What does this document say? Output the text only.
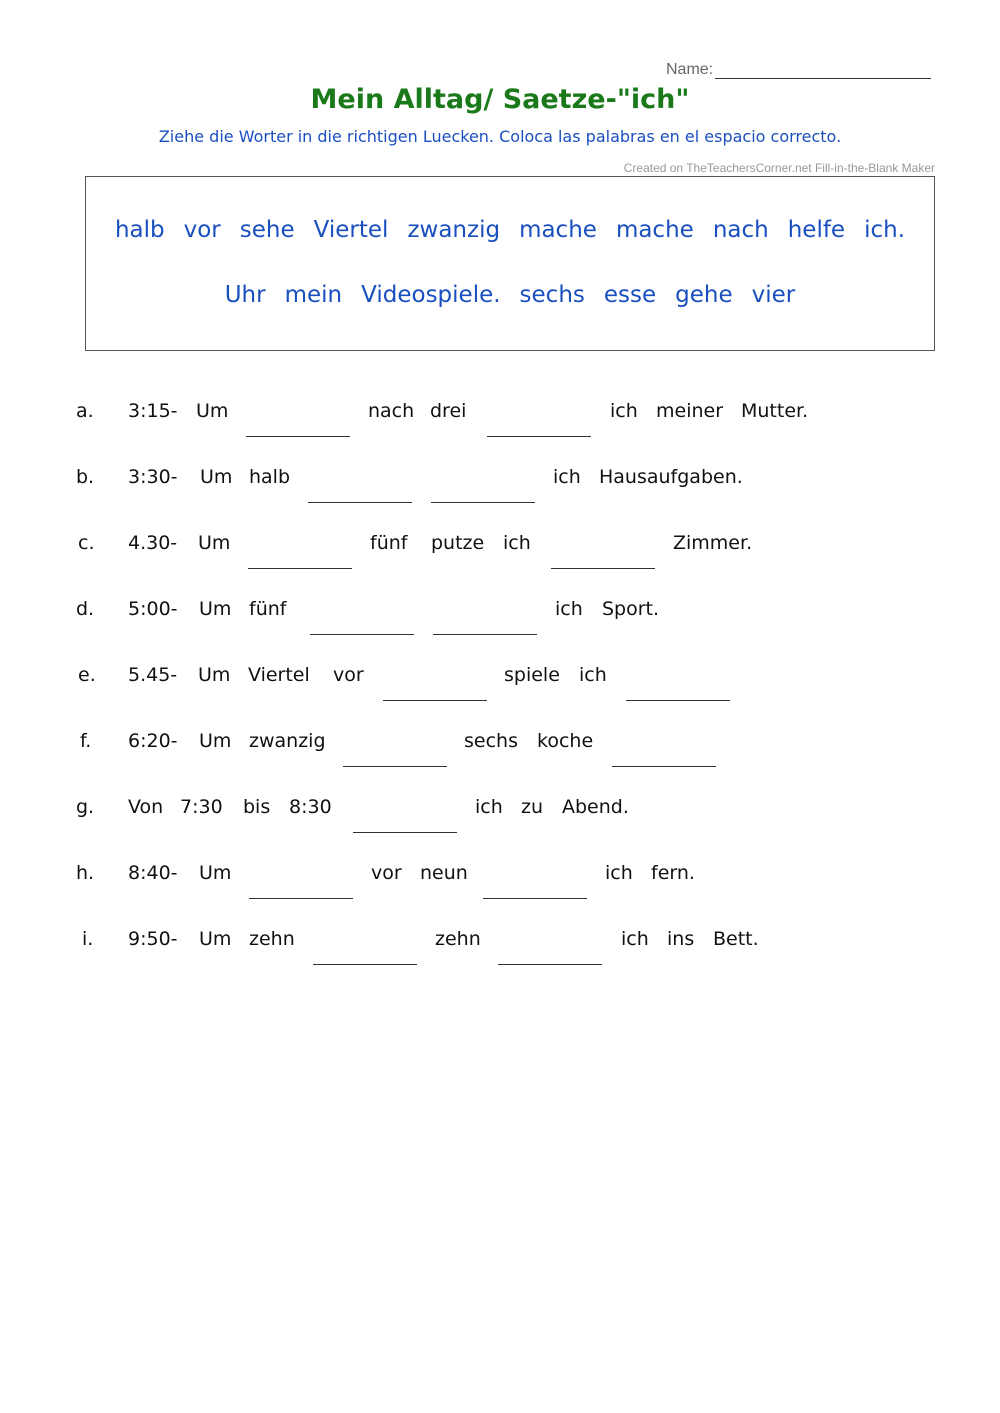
Name:
Mein Alltag/ Saetze-"ich"
Ziehe die Worter in die richtigen Luecken. Coloca las palabras en el espacio correcto.
Created on TheTeachersCorner.net Fill-in-the-Blank Maker
halb vor sehe Viertel zwanzig mache mache nach helfe ich.
Uhr mein Videospiele. sechs esse gehe vier
a. 3:15- Um	nach drei	ich meiner Mutter.
b. 3:30- Um halb	ich Hausaufgaben.
c. 4.30- Um	fünf putze ich	Zimmer.
d. 5:00- Um fünf	ich Sport.
e. 5.45- Um Viertel vor	spiele ich
f. 6:20- Um zwanzig	sechs koche
g. Von 7:30 bis 8:30	ich zu Abend.
h. 8:40- Um	vor neun	ich fern.
i. 9:50- Um zehn	zehn	ich ins Bett.
